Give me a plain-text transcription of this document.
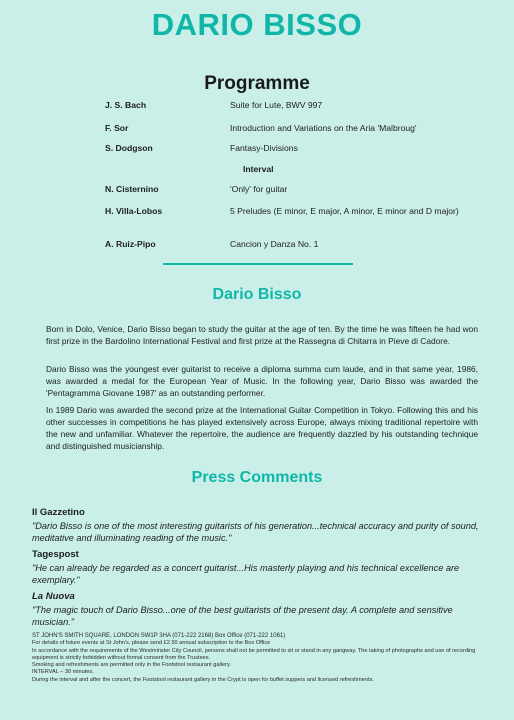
DARIO BISSO
Programme
J. S. Bach	Suite for Lute, BWV 997
F. Sor	Introduction and Variations on the Aria 'Malbroug'
S. Dodgson	Fantasy-Divisions
Interval
N. Cisternino	'Only' for guitar
H. Villa-Lobos	5 Preludes (E minor, E major, A minor, E minor and D major)
A. Ruiz-Pipo	Cancion y Danza No. 1
Dario Bisso

Born in Dolo, Venice, Dario Bisso began to study the guitar at the age of ten. By the time he was fifteen he had won first prize in the Bardolino International Festival and first prize at the Rassegna di Chitarra in Pieve di Cadore.

Dario Bisso was the youngest ever guitarist to receive a diploma summa cum laude, and in that same year, 1986, was awarded a medal for the European Year of Music. In the following year, Dario Bisso was awarded the 'Pentagramma Giovane 1987' as an outstanding performer.

In 1989 Dario was awarded the second prize at the International Guitar Competition in Tokyo. Following this and his other successes in competitions he has played extensively across Europe, always mixing traditional repertoire with the new and unfamiliar. Whatever the repertoire, the audience are frequently dazzled by his outstanding technique and distinguished musicianship.

Press Comments
Il Gazzetino
"Dario Bisso is one of the most interesting guitarists of his generation...technical accuracy and purity of sound, meditative and illuminating reading of the music."
Tagespost
"He can already be regarded as a concert guitarist...His masterly playing and his technical excellence are exemplary."
La Nuova
"The magic touch of Dario Bisso...one of the best guitarists of the present day. A complete and sensitive musician."
ST JOHN'S SMITH SQUARE, LONDON SW1P 3HA (071-222 2168) Box Office (071-222 1061)
For details of future events at St John's, please send £2.50 annual subscription to the Box Office
In accordance with the requirements of the Westminster City Council, persons shall not be permitted to sit or stand in any gangway. The taking of photographs and use of recording equipment is strictly forbidden without formal consent from the Trustees.
Smoking and refreshments are permitted only in the Footstool restaurant gallery.
INTERVAL – 30 minutes.
During the interval and after the concert, the Footstool restaurant gallery in the Crypt is open for buffet suppers and licensed refreshments.
